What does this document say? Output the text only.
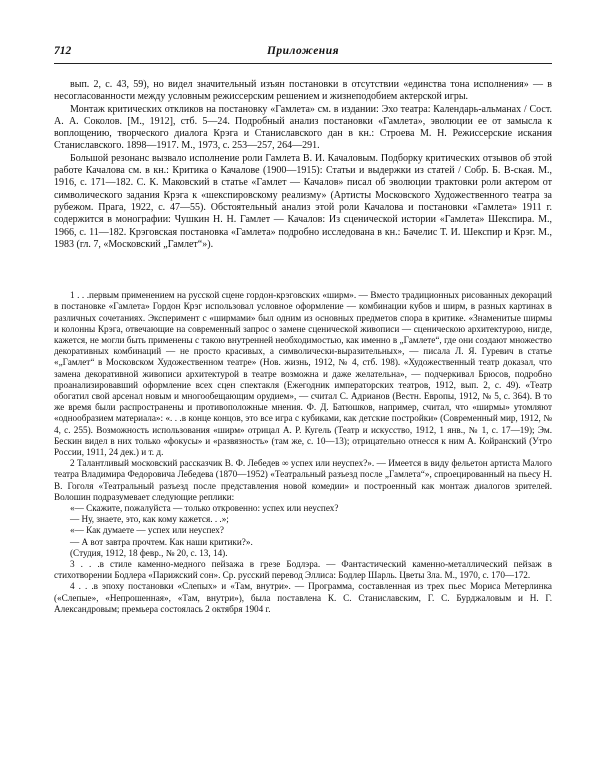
712	Приложения

вып. 2, с. 43, 59), но видел значительный изъян постановки в отсутствии «единства тона исполнения» — в несогласованности между условным режиссерским решением и жизнеподобием актерской игры.

Монтаж критических откликов на постановку «Гамлета» см. в издании: Эхо театра: Календарь-альманах / Сост. А. А. Соколов. [М., 1912], стб. 5—24. Подробный анализ постановки «Гамлета», эволюции ее от замысла к воплощению, творческого диалога Крэга и Станиславского дан в кн.: Строева М. Н. Режиссерские искания Станиславского. 1898—1917. М., 1973, с. 253—257, 264—291.

Большой резонанс вызвало исполнение роли Гамлета В. И. Качаловым. Подборку критических отзывов об этой работе Качалова см. в кн.: Критика о Качалове (1900—1915): Статьи и выдержки из статей / Собр. Б. В-ская. М., 1916, с. 171—182. С. К. Маковский в статье «Гамлет — Качалов» писал об эволюции трактовки роли актером от символического задания Крэга к «шекспировскому реализму» (Артисты Московского Художественного театра за рубежом. Прага, 1922, с. 47—55). Обстоятельный анализ этой роли Качалова и постановки «Гамлета» 1911 г. содержится в монографии: Чушкин Н. Н. Гамлет — Качалов: Из сценической истории «Гамлета» Шекспира. М., 1966, с. 11—182. Крэговская постановка «Гамлета» подробно исследована в кн.: Бачелис Т. И. Шекспир и Крэг. М., 1983 (гл. 7, «Московский „Гамлет“»).

1 . . .первым применением на русской сцене гордон-крэговских «ширм». — Вместо традиционных рисованных декораций в постановке «Гамлета» Гордон Крэг использовал условное оформление — комбинации кубов и ширм, в разных картинах в различных сочетаниях. Эксперимент с «ширмами» был одним из основных предметов спора в критике. «Знаменитые ширмы и колонны Крэга, отвечающие на современный запрос о замене сценической живописи — сценическою архитектурою, нигде, кажется, не могли быть применены с такою внутренней необходимостью, как именно в „Гамлете“, где они создают множество декоративных комбинаций — не просто красивых, а символически-выразительных», — писала Л. Я. Гуревич в статье «„Гамлет“ в Московском Художественном театре» (Нов. жизнь, 1912, № 4, стб. 198). «Художественный театр доказал, что замена декоративной живописи архитектурой в театре возможна и даже желательна», — подчеркивал Брюсов, подробно проанализировавший оформление всех сцен спектакля (Ежегодник императорских театров, 1912, вып. 2, с. 49). «Театр обогатил свой арсенал новым и многообещающим орудием», — считал С. Адрианов (Вестн. Европы, 1912, № 5, с. 364). В то же время были распространены и противоположные мнения. Ф. Д. Батюшков, например, считал, что «ширмы» утомляют «однообразием материала»: «. . .в конце концов, это все игра с кубиками, как детские постройки» (Современный мир, 1912, № 4, с. 255). Возможность использования «ширм» отрицал А. Р. Кугель (Театр и искусство, 1912, 1 янв., № 1, с. 17—19); Эм. Бескин видел в них только «фокусы» и «развязность» (там же, с. 10—13); отрицательно отнесся к ним А. Койранский (Утро России, 1911, 24 дек.) и т. д.

2 Талантливый московский рассказчик В. Ф. Лебедев ∞ успех или неуспех?». — Имеется в виду фельетон артиста Малого театра Владимира Федоровича Лебедева (1870—1952) «Театральный разъезд после „Гамлета“», спроецированный на пьесу Н. В. Гоголя «Театральный разъезд после представления новой комедии» и построенный как монтаж диалогов зрителей. Волошин подразумевает следующие реплики:

«— Скажите, пожалуйста — только откровенно: успех или неуспех?

— Ну, знаете, это, как кому кажется. . .»;

«— Как думаете — успех или неуспех?

— А вот завтра прочтем. Как наши критики?».

(Студия, 1912, 18 февр., № 20, с. 13, 14).

3 . . .в стиле каменно-медного пейзажа в грезе Бодлэра. — Фантастический каменно-металлический пейзаж в стихотворении Бодлера «Парижский сон». Ср. русский перевод Эллиса: Бодлер Шарль. Цветы Зла. М., 1970, с. 170—172.

4 . . .в эпоху постановки «Слепых» и «Там, внутри». — Программа, составленная из трех пьес Мориса Метерлинка («Слепые», «Непрошенная», «Там, внутри»), была поставлена К. С. Станиславским, Г. С. Бурджаловым и Н. Г. Александровым; премьера состоялась 2 октября 1904 г.
